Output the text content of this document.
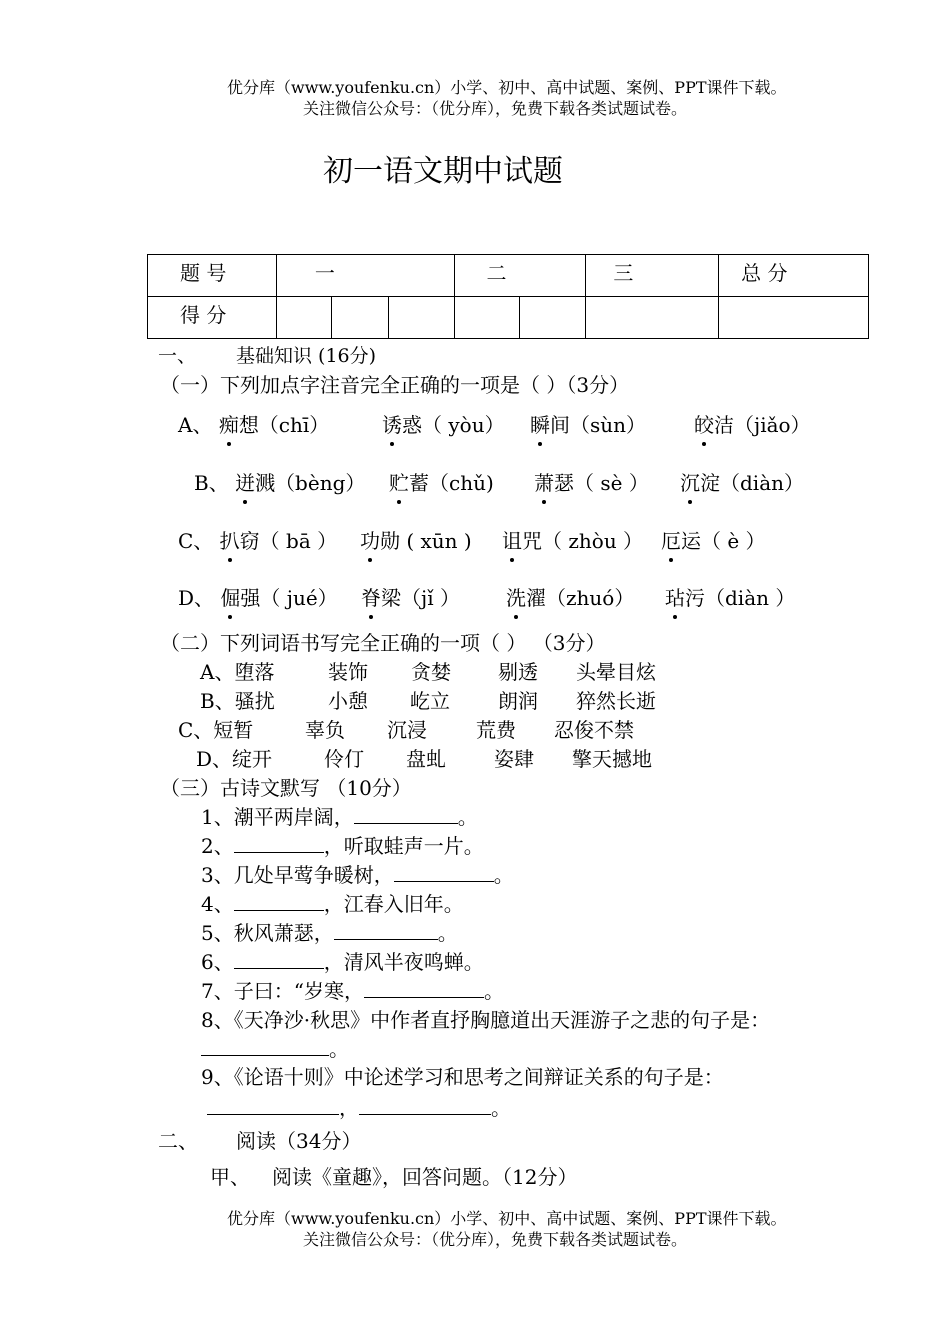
优分库（www.youfenku.cn）小学、初中、高中试题、案例、PPT课件下载。
关注微信公众号：（优分库），免费下载各类试题试卷。
初一语文期中试题
题 号	一			二		三	总 分
得 分							
一、 基础知识 (16分)
（一）下列加点字注音完全正确的一项是（ ）（3分）
A、 痴想（chī）	诱惑（ yòu） 瞬间（sùn） 皎洁（jiǎo）
B、 迸溅（bèng） 贮蓄（chǔ) 萧瑟（ sè ） 沉淀（diàn）
C、 扒窃（ bā ） 功勋 ( xūn ) 诅咒（ zhòu ） 厄运（ è ）
D、 倔强（ jué） 脊梁（jǐ ） 洗濯（zhuó） 玷污（diàn ）
（二）下列词语书写完全正确的一项（ ） （3分）
A、堕落	装饰 贪婪 剔透 头晕目炫
B、骚扰	小憩 屹立 朗润 猝然长逝
C、短暂	辜负 沉浸 荒费 忍俊不禁
D、绽开	伶仃 盘虬 姿肆 擎天撼地
（三）古诗文默写 （10分）
1、潮平两岸阔，	。
2、	，听取蛙声一片。
3、几处早莺争暖树，	。
4、	，江春入旧年。
5、秋风萧瑟，	。
6、	，清风半夜鸣蝉。
7、子曰：“岁寒，	。
8、《天净沙·秋思》中作者直抒胸臆道出天涯游子之悲的句子是：
。
9、《论语十则》中论述学习和思考之间辩证关系的句子是：
，	。
二、 阅读（34分）
甲、 阅读《童趣》，回答问题。（12分）
优分库（www.youfenku.cn）小学、初中、高中试题、案例、PPT课件下载。
关注微信公众号：（优分库），免费下载各类试题试卷。
